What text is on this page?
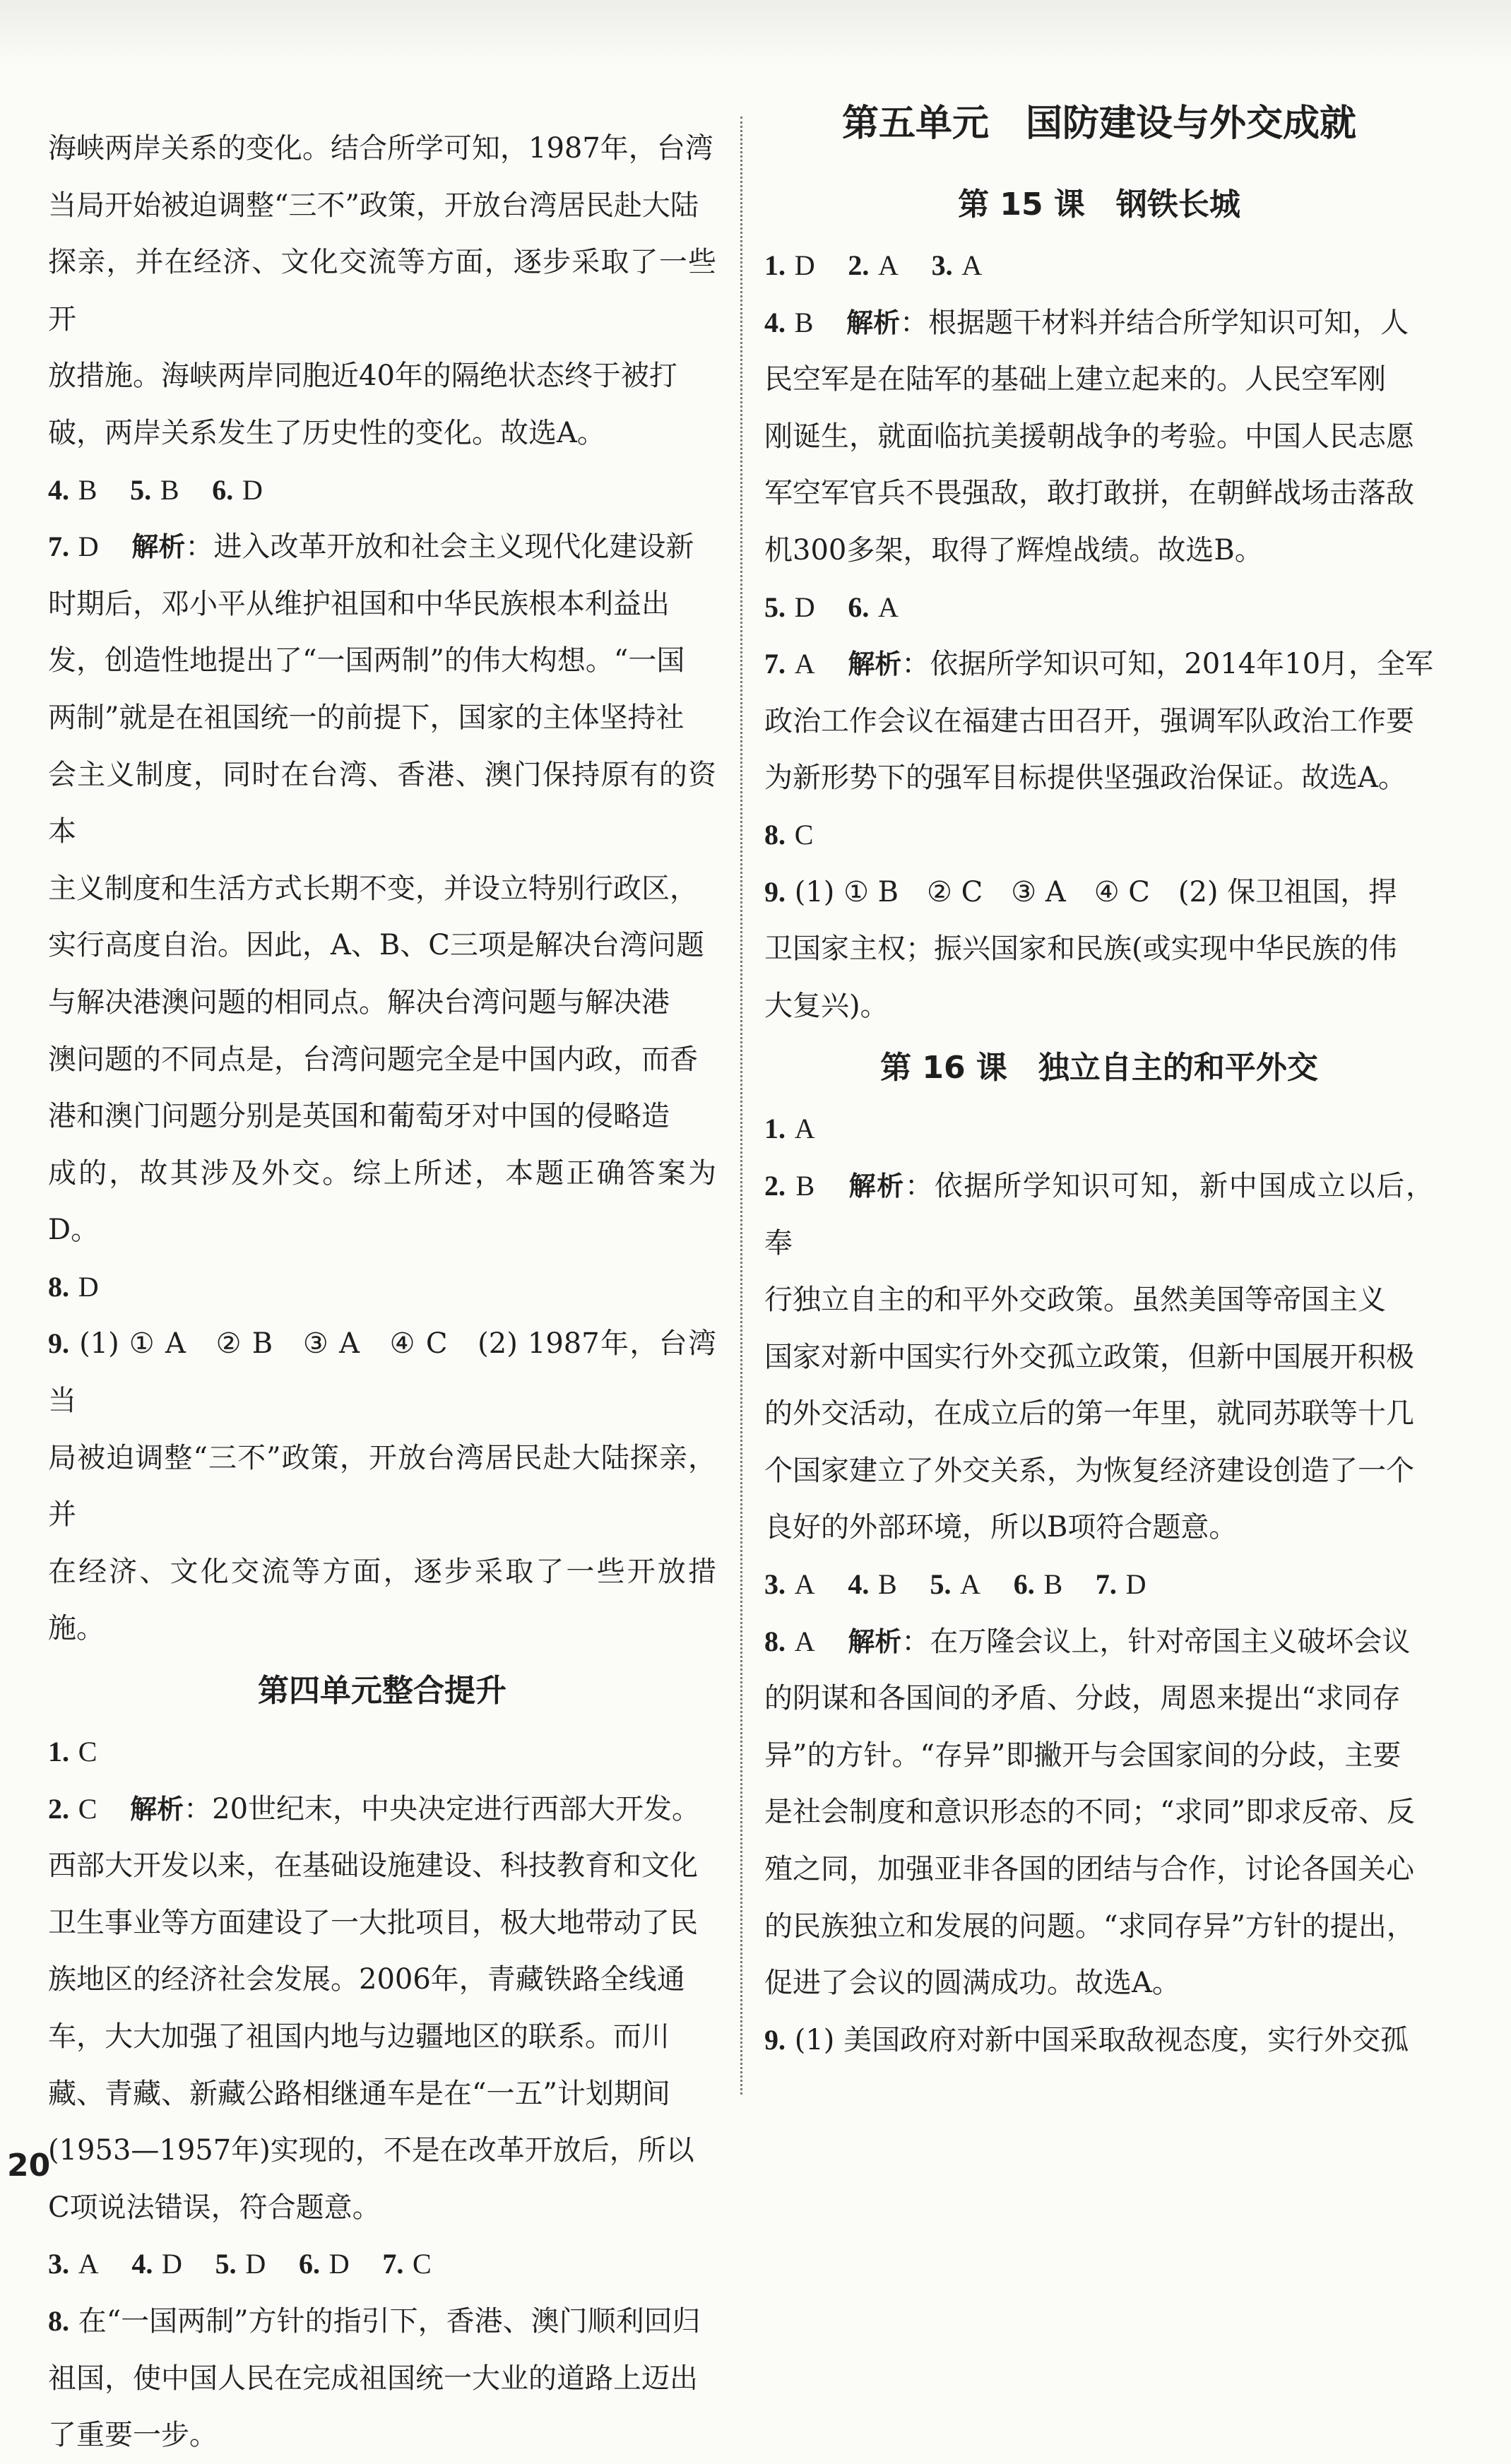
海峡两岸关系的变化。结合所学可知，1987年，台湾

当局开始被迫调整“三不”政策，开放台湾居民赴大陆

探亲，并在经济、文化交流等方面，逐步采取了一些开

放措施。海峡两岸同胞近40年的隔绝状态终于被打

破，两岸关系发生了历史性的变化。故选A。

4. B 5. B 6. D

7. D 解析：进入改革开放和社会主义现代化建设新

时期后，邓小平从维护祖国和中华民族根本利益出

发，创造性地提出了“一国两制”的伟大构想。“一国

两制”就是在祖国统一的前提下，国家的主体坚持社

会主义制度，同时在台湾、香港、澳门保持原有的资本

主义制度和生活方式长期不变，并设立特别行政区，

实行高度自治。因此，A、B、C三项是解决台湾问题

与解决港澳问题的相同点。解决台湾问题与解决港

澳问题的不同点是，台湾问题完全是中国内政，而香

港和澳门问题分别是英国和葡萄牙对中国的侵略造

成的，故其涉及外交。综上所述，本题正确答案为D。

8. D

9. (1) ① A　② B　③ A　④ C　(2) 1987年，台湾当

局被迫调整“三不”政策，开放台湾居民赴大陆探亲，并

在经济、文化交流等方面，逐步采取了一些开放措施。

第四单元整合提升

1. C

2. C 解析：20世纪末，中央决定进行西部大开发。

西部大开发以来，在基础设施建设、科技教育和文化

卫生事业等方面建设了一大批项目，极大地带动了民

族地区的经济社会发展。2006年，青藏铁路全线通

车，大大加强了祖国内地与边疆地区的联系。而川

藏、青藏、新藏公路相继通车是在“一五”计划期间

(1953—1957年)实现的，不是在改革开放后，所以

C项说法错误，符合题意。

3. A 4. D 5. D 6. D 7. C

8. 在“一国两制”方针的指引下，香港、澳门顺利回归

祖国，使中国人民在完成祖国统一大业的道路上迈出

了重要一步。

第五单元　国防建设与外交成就
第 15 课　钢铁长城

1. D 2. A 3. A

4. B 解析：根据题干材料并结合所学知识可知，人

民空军是在陆军的基础上建立起来的。人民空军刚

刚诞生，就面临抗美援朝战争的考验。中国人民志愿

军空军官兵不畏强敌，敢打敢拼，在朝鲜战场击落敌

机300多架，取得了辉煌战绩。故选B。

5. D 6. A

7. A 解析：依据所学知识可知，2014年10月，全军

政治工作会议在福建古田召开，强调军队政治工作要

为新形势下的强军目标提供坚强政治保证。故选A。

8. C

9. (1) ① B　② C　③ A　④ C　(2) 保卫祖国，捍

卫国家主权；振兴国家和民族(或实现中华民族的伟

大复兴)。

第 16 课　独立自主的和平外交

1. A

2. B 解析：依据所学知识可知，新中国成立以后，奉

行独立自主的和平外交政策。虽然美国等帝国主义

国家对新中国实行外交孤立政策，但新中国展开积极

的外交活动，在成立后的第一年里，就同苏联等十几

个国家建立了外交关系，为恢复经济建设创造了一个

良好的外部环境，所以B项符合题意。

3. A 4. B 5. A 6. B 7. D

8. A 解析：在万隆会议上，针对帝国主义破坏会议

的阴谋和各国间的矛盾、分歧，周恩来提出“求同存

异”的方针。“存异”即撇开与会国家间的分歧，主要

是社会制度和意识形态的不同；“求同”即求反帝、反

殖之同，加强亚非各国的团结与合作，讨论各国关心

的民族独立和发展的问题。“求同存异”方针的提出，

促进了会议的圆满成功。故选A。

9. (1) 美国政府对新中国采取敌视态度，实行外交孤

20
